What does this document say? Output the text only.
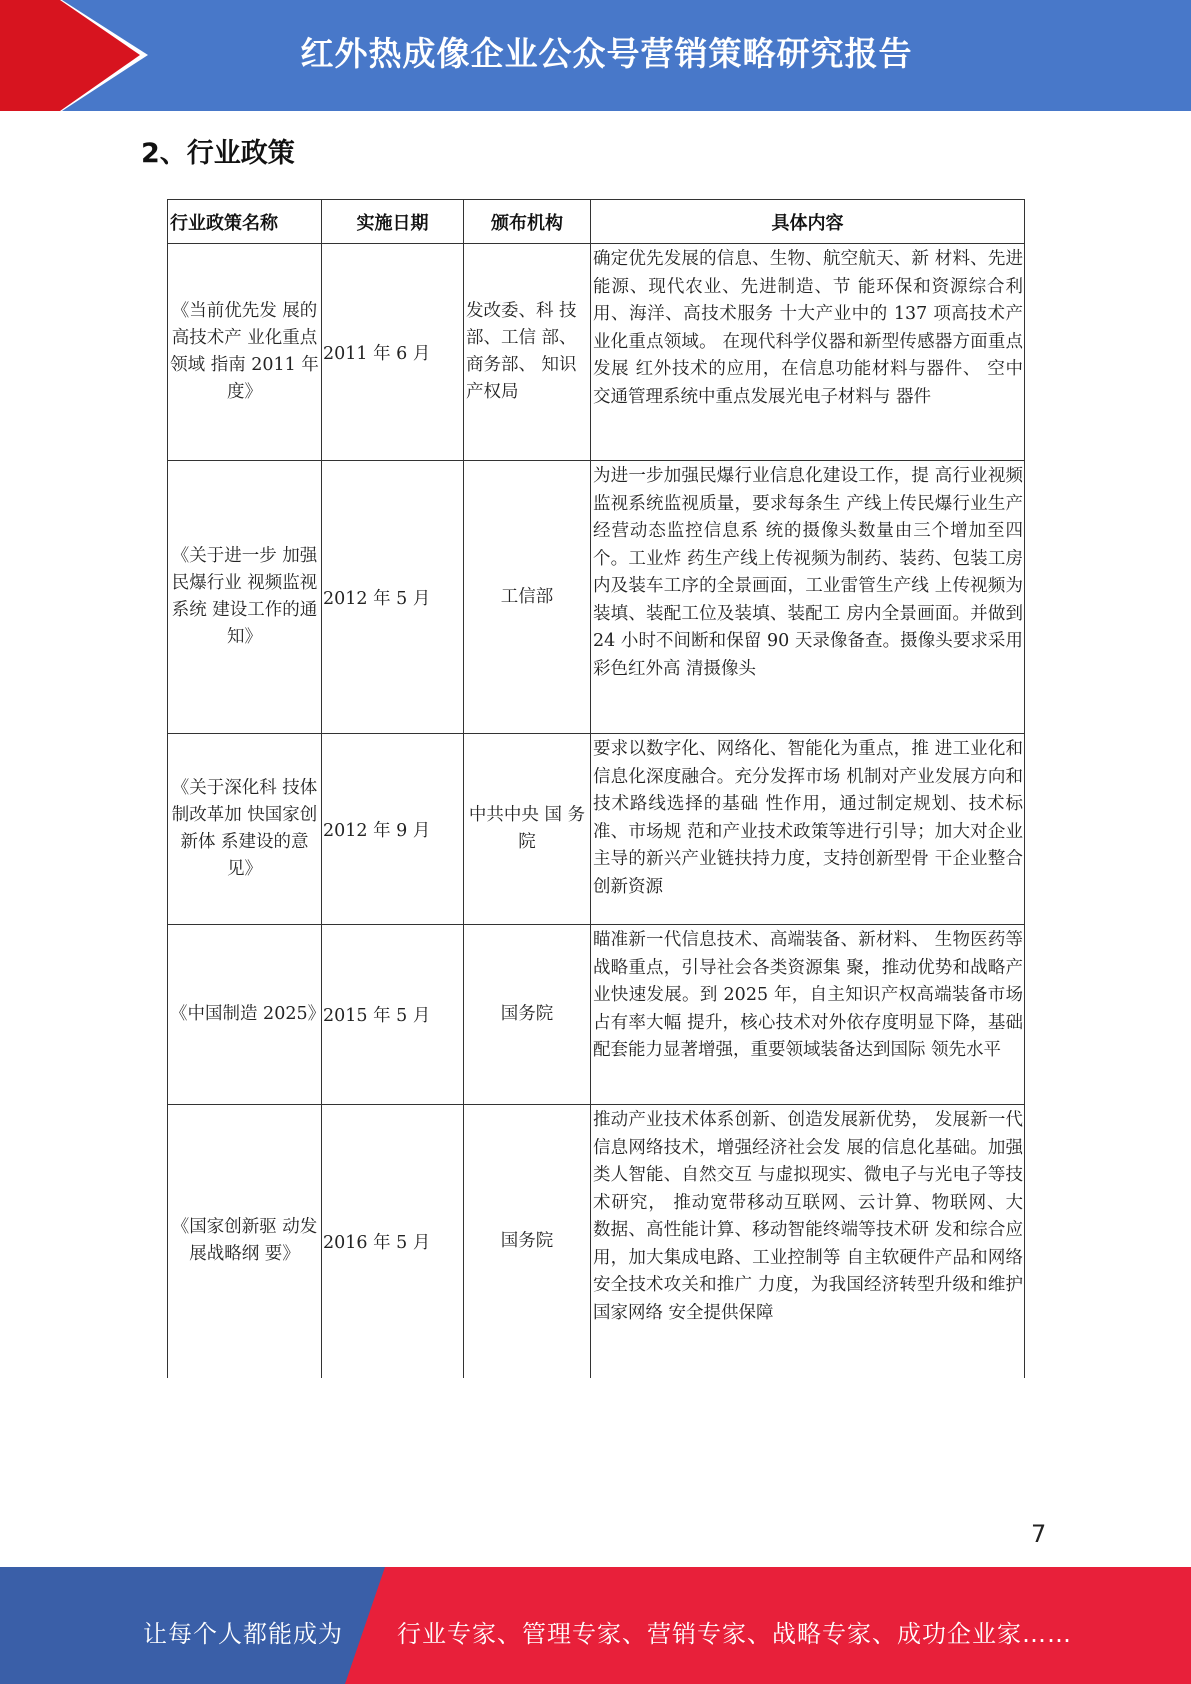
红外热成像企业公众号营销策略研究报告
2、行业政策
行业政策名称	实施日期	颁布机构	具体内容
《当前优先发 展的高技术产 业化重点领域 指南 2011 年 度》	2011 年 6 月	发改委、科 技部、工信 部、商务部、 知识产权局	确定优先发展的信息、生物、航空航天、新 材料、先进能源、现代农业、先进制造、节 能环保和资源综合利用、海洋、高技术服务 十大产业中的 137 项高技术产业化重点领域。 在现代科学仪器和新型传感器方面重点发展 红外技术的应用，在信息功能材料与器件、 空中交通管理系统中重点发展光电子材料与 器件
《关于进一步 加强民爆行业 视频监视系统 建设工作的通 知》	2012 年 5 月	工信部	为进一步加强民爆行业信息化建设工作，提 高行业视频监视系统监视质量，要求每条生 产线上传民爆行业生产经营动态监控信息系 统的摄像头数量由三个增加至四个。工业炸 药生产线上传视频为制药、装药、包装工房 内及装车工序的全景画面，工业雷管生产线 上传视频为装填、装配工位及装填、装配工 房内全景画面。并做到 24 小时不间断和保留 90 天录像备查。摄像头要求采用彩色红外高 清摄像头
《关于深化科 技体制改革加 快国家创新体 系建设的意 见》	2012 年 9 月	中共中央 国 务院	要求以数字化、网络化、智能化为重点，推 进工业化和信息化深度融合。充分发挥市场 机制对产业发展方向和技术路线选择的基础 性作用，通过制定规划、技术标准、市场规 范和产业技术政策等进行引导；加大对企业 主导的新兴产业链扶持力度，支持创新型骨 干企业整合创新资源
《中国制造 2025》	2015 年 5 月	国务院	瞄准新一代信息技术、高端装备、新材料、 生物医药等战略重点，引导社会各类资源集 聚，推动优势和战略产业快速发展。到 2025 年，自主知识产权高端装备市场占有率大幅 提升，核心技术对外依存度明显下降，基础配套能力显著增强，重要领域装备达到国际 领先水平
《国家创新驱 动发展战略纲 要》	2016 年 5 月	国务院	推动产业技术体系创新、创造发展新优势， 发展新一代信息网络技术，增强经济社会发 展的信息化基础。加强类人智能、自然交互 与虚拟现实、微电子与光电子等技术研究， 推动宽带移动互联网、云计算、物联网、大 数据、高性能计算、移动智能终端等技术研 发和综合应用，加大集成电路、工业控制等 自主软硬件产品和网络安全技术攻关和推广 力度，为我国经济转型升级和维护国家网络 安全提供保障
7
让每个人都能成为 行业专家、管理专家、营销专家、战略专家、成功企业家……
